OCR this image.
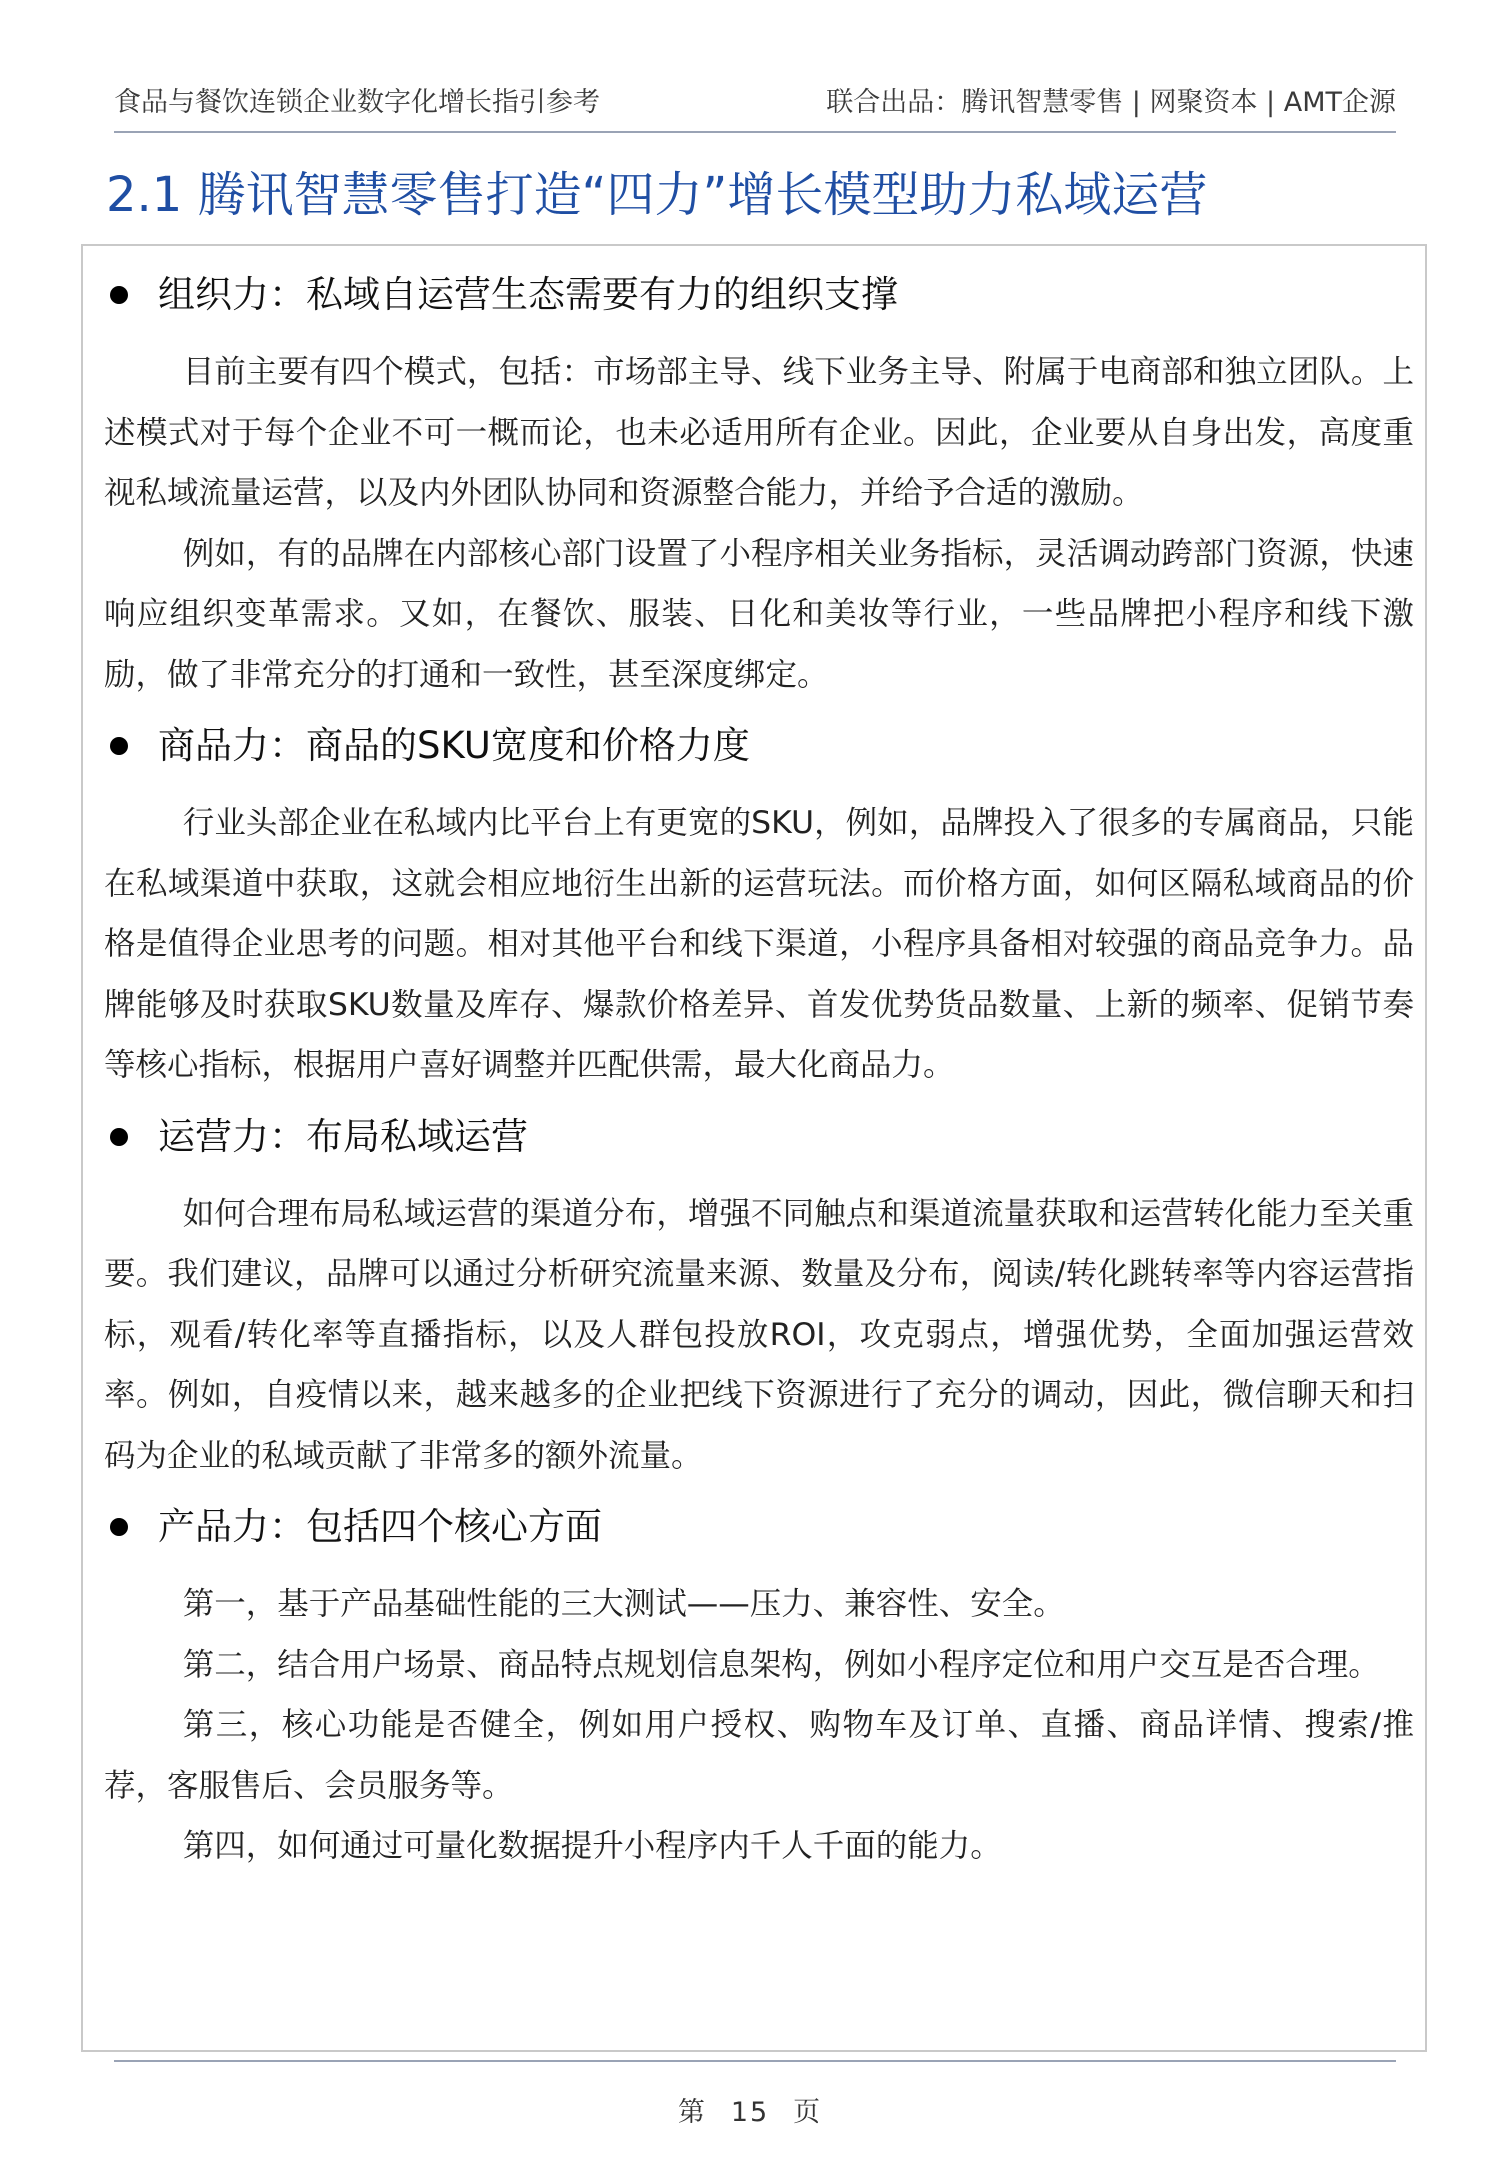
食品与餐饮连锁企业数字化增长指引参考	联合出品：腾讯智慧零售 | 网聚资本 | AMT企源
2.1 腾讯智慧零售打造“四力”增长模型助力私域运营
组织力：私域自运营生态需要有力的组织支撑

目前主要有四个模式，包括：市场部主导、线下业务主导、附属于电商部和独立团队。上述模式对于每个企业不可一概而论，也未必适用所有企业。因此，企业要从自身出发，高度重视私域流量运营，以及内外团队协同和资源整合能力，并给予合适的激励。

例如，有的品牌在内部核心部门设置了小程序相关业务指标，灵活调动跨部门资源，快速响应组织变革需求。又如，在餐饮、服装、日化和美妆等行业，一些品牌把小程序和线下激励，做了非常充分的打通和一致性，甚至深度绑定。

商品力：商品的SKU宽度和价格力度

行业头部企业在私域内比平台上有更宽的SKU，例如，品牌投入了很多的专属商品，只能在私域渠道中获取，这就会相应地衍生出新的运营玩法。而价格方面，如何区隔私域商品的价格是值得企业思考的问题。相对其他平台和线下渠道，小程序具备相对较强的商品竞争力。品牌能够及时获取SKU数量及库存、爆款价格差异、首发优势货品数量、上新的频率、促销节奏等核心指标，根据用户喜好调整并匹配供需，最大化商品力。

运营力：布局私域运营

如何合理布局私域运营的渠道分布，增强不同触点和渠道流量获取和运营转化能力至关重要。我们建议，品牌可以通过分析研究流量来源、数量及分布，阅读/转化跳转率等内容运营指标，观看/转化率等直播指标，以及人群包投放ROI，攻克弱点，增强优势，全面加强运营效率。例如，自疫情以来，越来越多的企业把线下资源进行了充分的调动，因此，微信聊天和扫码为企业的私域贡献了非常多的额外流量。

产品力：包括四个核心方面

第一，基于产品基础性能的三大测试——压力、兼容性、安全。

第二，结合用户场景、商品特点规划信息架构，例如小程序定位和用户交互是否合理。

第三，核心功能是否健全，例如用户授权、购物车及订单、直播、商品详情、搜索/推荐，客服售后、会员服务等。

第四，如何通过可量化数据提升小程序内千人千面的能力。

第 15 页
